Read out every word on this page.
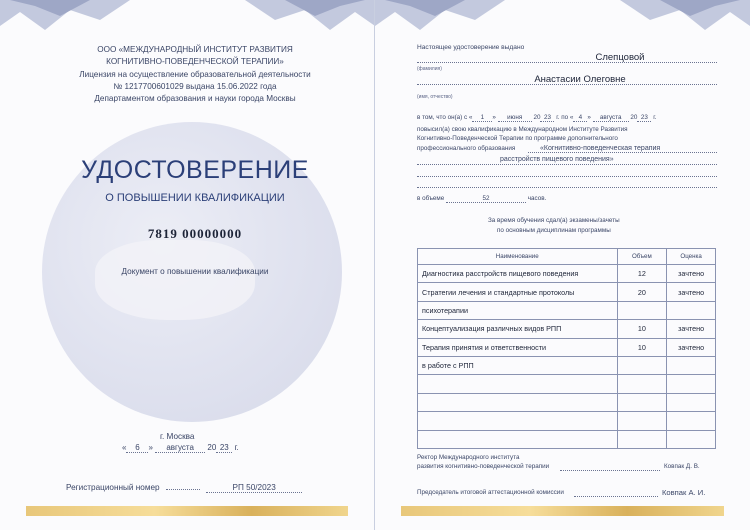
ООО «МЕЖДУНАРОДНЫЙ ИНСТИТУТ РАЗВИТИЯ
КОГНИТИВНО-ПОВЕДЕНЧЕСКОЙ ТЕРАПИИ»
Лицензия на осуществление образовательной деятельности
№ 1217700601029 выдана 15.06.2022 года
Департаментом образования и науки города Москвы
УДОСТОВЕРЕНИЕ
О ПОВЫШЕНИИ КВАЛИФИКАЦИИ
7819 00000000
Документ о повышении квалификации
г. Москва
« 6 » августа 20 23 г.
Регистрационный номер	РП 50/2023
Настоящее удостоверение выдано
Слепцовой
(фамилия)
Анастасии Олеговне
(имя, отчество)
в том, что он(а) с « 1 » июня 20 23 г. по « 4 » августа 20 23 г.
повысил(а) свою квалификацию в Международном Институте Развития
Когнитивно-Поведенческой Терапии по программе дополнительного
профессионального образования	«Когнитивно-поведенческая терапия
расстройств пищевого поведения»
в объеме	52	часов.
За время обучения сдал(а) экзамены/зачеты
по основным дисциплинам программы
Наименование	Объем	Оценка
Диагностика расстройств пищевого поведения	12	зачтено
Стратегии лечения и стандартные протоколы	20	зачтено
психотерапии		
Концептуализация различных видов РПП	10	зачтено
Терапия принятия и ответственности	10	зачтено
в работе с РПП		

Ректор Международного института
развития когнитивно-поведенческой терапии	Ковпак Д. В.
Председатель итоговой аттестационной комиссии	Ковпак А. И.
